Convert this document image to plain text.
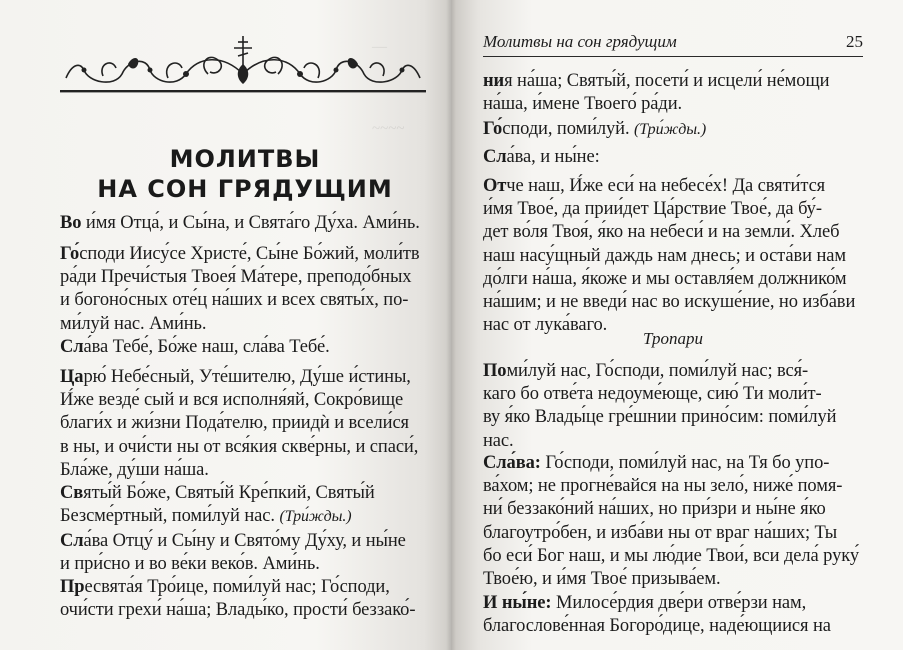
—
~~~~
МОЛИТВЫ
НА СОН ГРЯДУЩИМ

Во и́мя Отца́, и Сы́на, и Свята́го Ду́ха. Ами́нь.

Го́споди Иису́се Христе́, Сы́не Бо́жий, моли́тв
ра́ди Пречи́стыя Твоея́ Ма́тере, преподо́бных
и богоно́сных оте́ц на́ших и всех святы́х, по-
ми́луй нас. Ами́нь.

Сла́ва Тебе́, Бо́же наш, сла́ва Тебе́.

Царю́ Небе́сный, Уте́шителю, Ду́ше и́стины,
И́же везде́ сый и вся исполня́яй, Сокро́вище
благи́х и жи́зни Пода́телю, приидѝ и всели́ся
в ны, и очи́сти ны от вся́кия скве́рны, и спаси́,
Бла́же, ду́ши на́ша.

Святы́й Бо́же, Святы́й Кре́пкий, Святы́й
Безсме́ртный, поми́луй нас. (Три́жды.)

Сла́ва Отцу́ и Сы́ну и Свято́му Ду́ху, и ны́не
и при́сно и во ве́ки веко́в. Ами́нь.

Пресвята́я Тро́ице, поми́луй нас; Го́споди,
очи́сти грехи́ на́ша; Влады́ко, прости́ беззако́-

Молитвы на сон грядущим	25

ния на́ша; Святы́й, посети́ и исцели́ не́мощи
на́ша, и́мене Твоего́ ра́ди.

Го́споди, поми́луй. (Три́жды.)

Сла́ва, и ны́не:

Отче наш, И́же еси́ на небесе́х! Да святи́тся
и́мя Твое́, да прии́дет Ца́рствие Твое́, да бу́-
дет во́ля Твоя́, я́ко на небеси́ и на земли́. Хлеб
наш насу́щный даждь нам днесь; и оста́ви нам
до́лги на́ша, я́коже и мы оставля́ем должнико́м
на́шим; и не введи́ нас во искуше́ние, но изба́ви
нас от лука́ваго.

Тропари

Поми́луй нас, Го́споди, поми́луй нас; вся́-
каго бо отве́та недоуме́юще, сию́ Ти моли́т-
ву я́ко Влады́це гре́шнии прино́сим: поми́луй
нас.

Сла́ва: Го́споди, поми́луй нас, на Тя бо упо-
ва́хом; не прогне́вайся на ны зело́, ниже́ помя-
ни́ беззако́ний на́ших, но при́зри и ны́не я́ко
благоутро́бен, и изба́ви ны от враг на́ших; Ты
бо еси́ Бог наш, и мы лю́дие Твои́, вси дела́ руку́
Твое́ю, и и́мя Твое́ призыва́ем.

И ны́не: Милосе́рдия две́ри отве́рзи нам,
благослове́нная Богоро́дице, наде́ющиися на
